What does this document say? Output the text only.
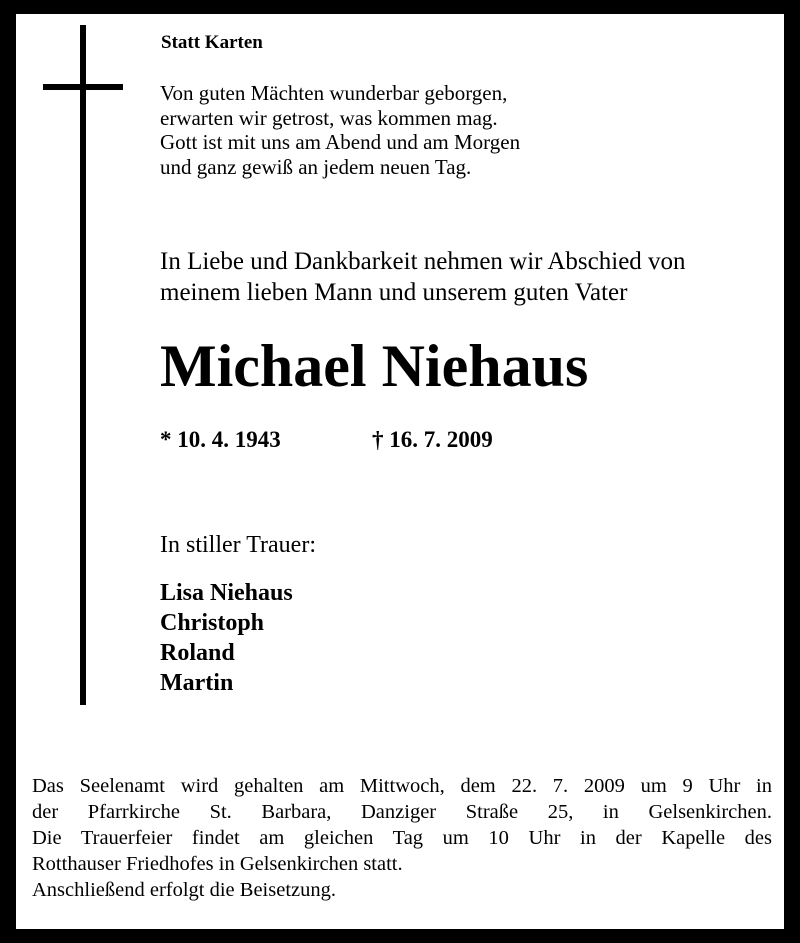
Statt Karten
Von guten Mächten wunderbar geborgen,
erwarten wir getrost, was kommen mag.
Gott ist mit uns am Abend und am Morgen
und ganz gewiß an jedem neuen Tag.
In Liebe und Dankbarkeit nehmen wir Abschied von
meinem lieben Mann und unserem guten Vater
Michael Niehaus
* 10. 4. 1943	† 16. 7. 2009
In stiller Trauer:
Lisa Niehaus
Christoph
Roland
Martin
Das Seelenamt wird gehalten am Mittwoch, dem 22. 7. 2009 um 9 Uhr in
der Pfarrkirche St. Barbara, Danziger Straße 25, in Gelsenkirchen.
Die Trauerfeier findet am gleichen Tag um 10 Uhr in der Kapelle des
Rotthauser Friedhofes in Gelsenkirchen statt.
Anschließend erfolgt die Beisetzung.
